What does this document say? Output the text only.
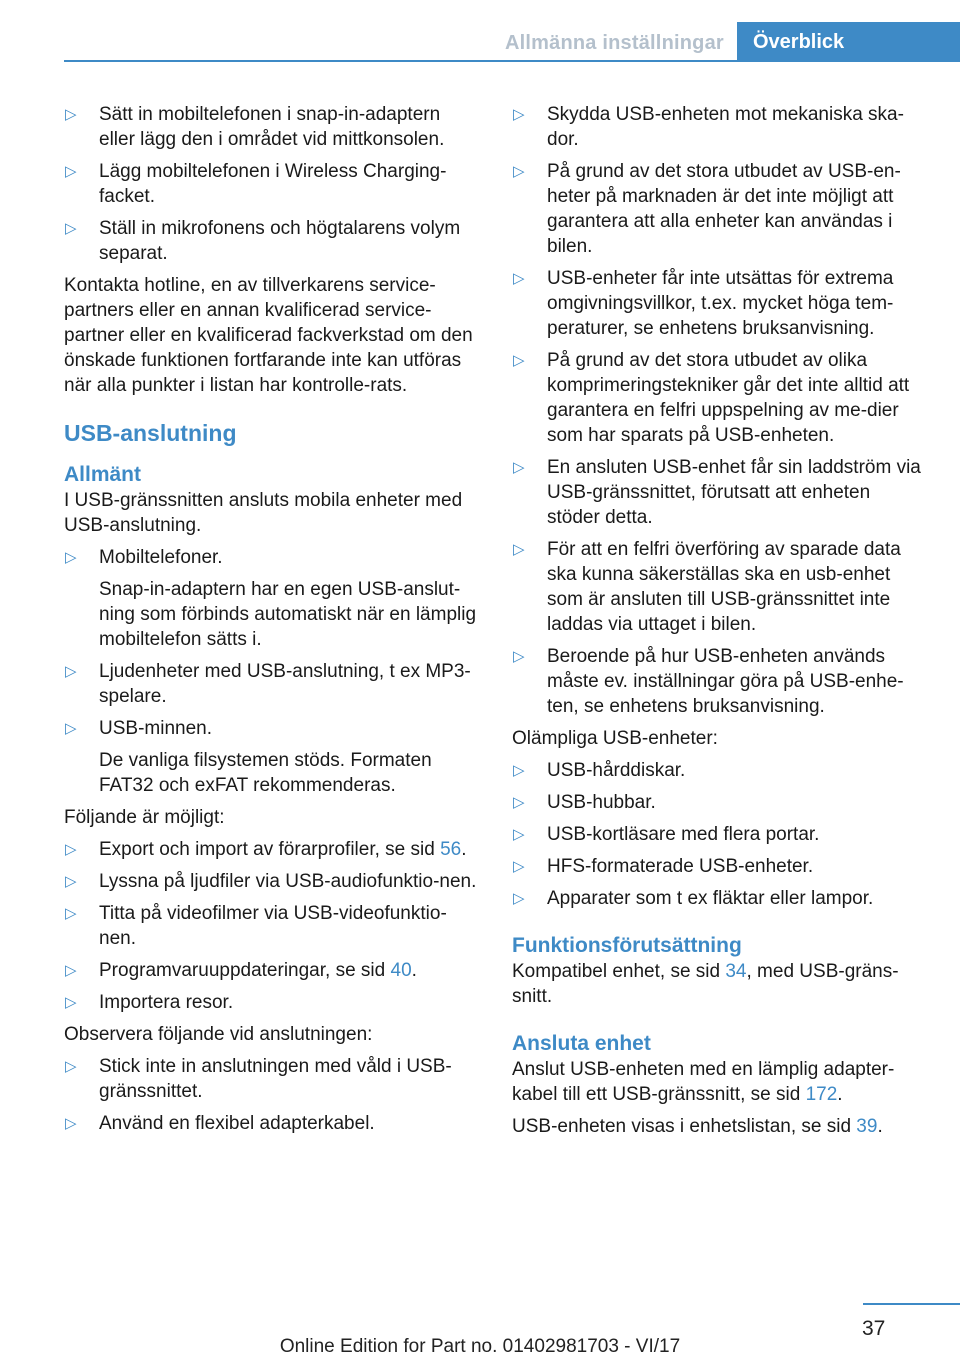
Allmänna inställningar	Överblick
▷ Sätt in mobiltelefonen i snap-in-adaptern eller lägg den i området vid mittkonsolen.
▷ Lägg mobiltelefonen i Wireless Charging-facket.
▷ Ställ in mikrofonens och högtalarens volym separat.

Kontakta hotline, en av tillverkarens service-partners eller en annan kvalificerad service-partner eller en kvalificerad fackverkstad om den önskade funktionen fortfarande inte kan utföras när alla punkter i listan har kontrolle-rats.

USB-anslutning
Allmänt

I USB-gränssnitten ansluts mobila enheter med USB-anslutning.

▷ Mobiltelefoner.
Snap-in-adaptern har en egen USB-anslut-ning som förbinds automatiskt när en lämplig mobiltelefon sätts i.
▷ Ljudenheter med USB-anslutning, t ex MP3-spelare.
▷ USB-minnen.
De vanliga filsystemen stöds. Formaten FAT32 och exFAT rekommenderas.

Följande är möjligt:

▷ Export och import av förarprofiler, se sid 56.
▷ Lyssna på ljudfiler via USB-audiofunktio-nen.
▷ Titta på videofilmer via USB-videofunktio-nen.
▷ Programvaruuppdateringar, se sid 40.
▷ Importera resor.

Observera följande vid anslutningen:

▷ Stick inte in anslutningen med våld i USB-gränssnittet.
▷ Använd en flexibel adapterkabel.
▷ Skydda USB-enheten mot mekaniska ska-dor.
▷ På grund av det stora utbudet av USB-en-heter på marknaden är det inte möjligt att garantera att alla enheter kan användas i bilen.
▷ USB-enheter får inte utsättas för extrema omgivningsvillkor, t.ex. mycket höga tem-peraturer, se enhetens bruksanvisning.
▷ På grund av det stora utbudet av olika komprimeringstekniker går det inte alltid att garantera en felfri uppspelning av me-dier som har sparats på USB-enheten.
▷ En ansluten USB-enhet får sin laddström via USB-gränssnittet, förutsatt att enheten stöder detta.
▷ För att en felfri överföring av sparade data ska kunna säkerställas ska en usb-enhet som är ansluten till USB-gränssnittet inte laddas via uttaget i bilen.
▷ Beroende på hur USB-enheten används måste ev. inställningar göra på USB-enhe-ten, se enhetens bruksanvisning.

Olämpliga USB-enheter:

▷ USB-hårddiskar.
▷ USB-hubbar.
▷ USB-kortläsare med flera portar.
▷ HFS-formaterade USB-enheter.
▷ Apparater som t ex fläktar eller lampor.
Funktionsförutsättning

Kompatibel enhet, se sid 34, med USB-gräns-snitt.

Ansluta enhet

Anslut USB-enheten med en lämplig adapter-kabel till ett USB-gränssnitt, se sid 172.

USB-enheten visas i enhetslistan, se sid 39.

37
Online Edition for Part no. 01402981703 - VI/17
